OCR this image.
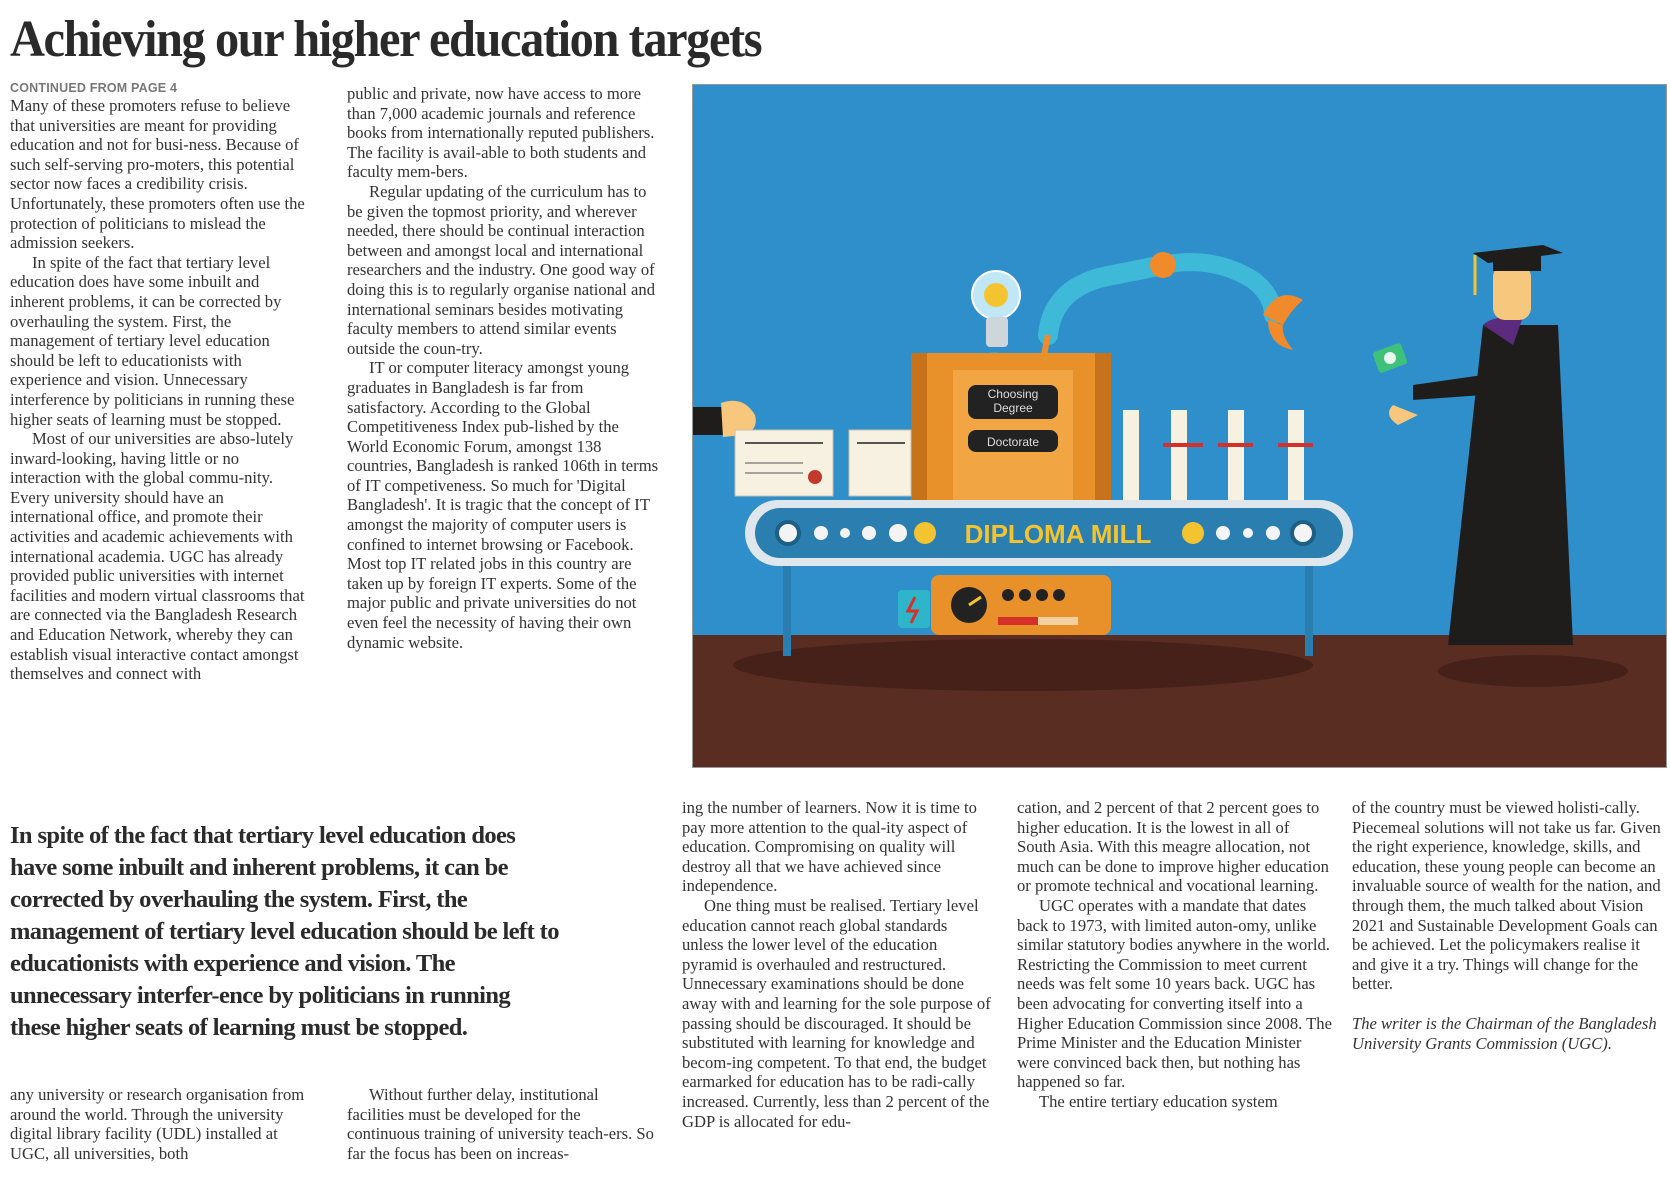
Achieving our higher education targets
CONTINUED FROM PAGE 4

Many of these promoters refuse to believe that universities are meant for providing education and not for busi-ness. Because of such self-serving pro-moters, this potential sector now faces a credibility crisis. Unfortunately, these promoters often use the protection of politicians to mislead the admission seekers.

In spite of the fact that tertiary level education does have some inbuilt and inherent problems, it can be corrected by overhauling the system. First, the management of tertiary level education should be left to educationists with experience and vision. Unnecessary interference by politicians in running these higher seats of learning must be stopped.

Most of our universities are abso-lutely inward-looking, having little or no interaction with the global commu-nity. Every university should have an international office, and promote their activities and academic achievements with international academia. UGC has already provided public universities with internet facilities and modern virtual classrooms that are connected via the Bangladesh Research and Education Network, whereby they can establish visual interactive contact amongst themselves and connect with

public and private, now have access to more than 7,000 academic journals and reference books from internationally reputed publishers. The facility is avail-able to both students and faculty mem-bers.

Regular updating of the curriculum has to be given the topmost priority, and wherever needed, there should be continual interaction between and amongst local and international researchers and the industry. One good way of doing this is to regularly organise national and international seminars besides motivating faculty members to attend similar events outside the coun-try.

IT or computer literacy amongst young graduates in Bangladesh is far from satisfactory. According to the Global Competitiveness Index pub-lished by the World Economic Forum, amongst 138 countries, Bangladesh is ranked 106th in terms of IT competiveness. So much for 'Digital Bangladesh'. It is tragic that the concept of IT amongst the majority of computer users is confined to internet browsing or Facebook. Most top IT related jobs in this country are taken up by foreign IT experts. Some of the major public and private universities do not even feel the necessity of having their own dynamic website.

In spite of the fact that tertiary level education does have some inbuilt and inherent problems, it can be corrected by overhauling the system. First, the management of tertiary level education should be left to educationists with experience and vision. The unnecessary interfer-ence by politicians in running these higher seats of learning must be stopped.

any university or research organisation from around the world. Through the university digital library facility (UDL) installed at UGC, all universities, both

Without further delay, institutional facilities must be developed for the continuous training of university teach-ers. So far the focus has been on increas-

ing the number of learners. Now it is time to pay more attention to the qual-ity aspect of education. Compromising on quality will destroy all that we have achieved since independence.

One thing must be realised. Tertiary level education cannot reach global standards unless the lower level of the education pyramid is overhauled and restructured. Unnecessary examinations should be done away with and learning for the sole purpose of passing should be discouraged. It should be substituted with learning for knowledge and becom-ing competent. To that end, the budget earmarked for education has to be radi-cally increased. Currently, less than 2 percent of the GDP is allocated for edu-

cation, and 2 percent of that 2 percent goes to higher education. It is the lowest in all of South Asia. With this meagre allocation, not much can be done to improve higher education or promote technical and vocational learning.

UGC operates with a mandate that dates back to 1973, with limited auton-omy, unlike similar statutory bodies anywhere in the world. Restricting the Commission to meet current needs was felt some 10 years back. UGC has been advocating for converting itself into a Higher Education Commission since 2008. The Prime Minister and the Education Minister were convinced back then, but nothing has happened so far.

The entire tertiary education system

of the country must be viewed holisti-cally. Piecemeal solutions will not take us far. Given the right experience, knowledge, skills, and education, these young people can become an invaluable source of wealth for the nation, and through them, the much talked about Vision 2021 and Sustainable Development Goals can be achieved. Let the policymakers realise it and give it a try. Things will change for the better.

The writer is the Chairman of the Bangladesh University Grants Commission (UGC).

Choosing
Degree
Doctorate
DIPLOMA MILL
